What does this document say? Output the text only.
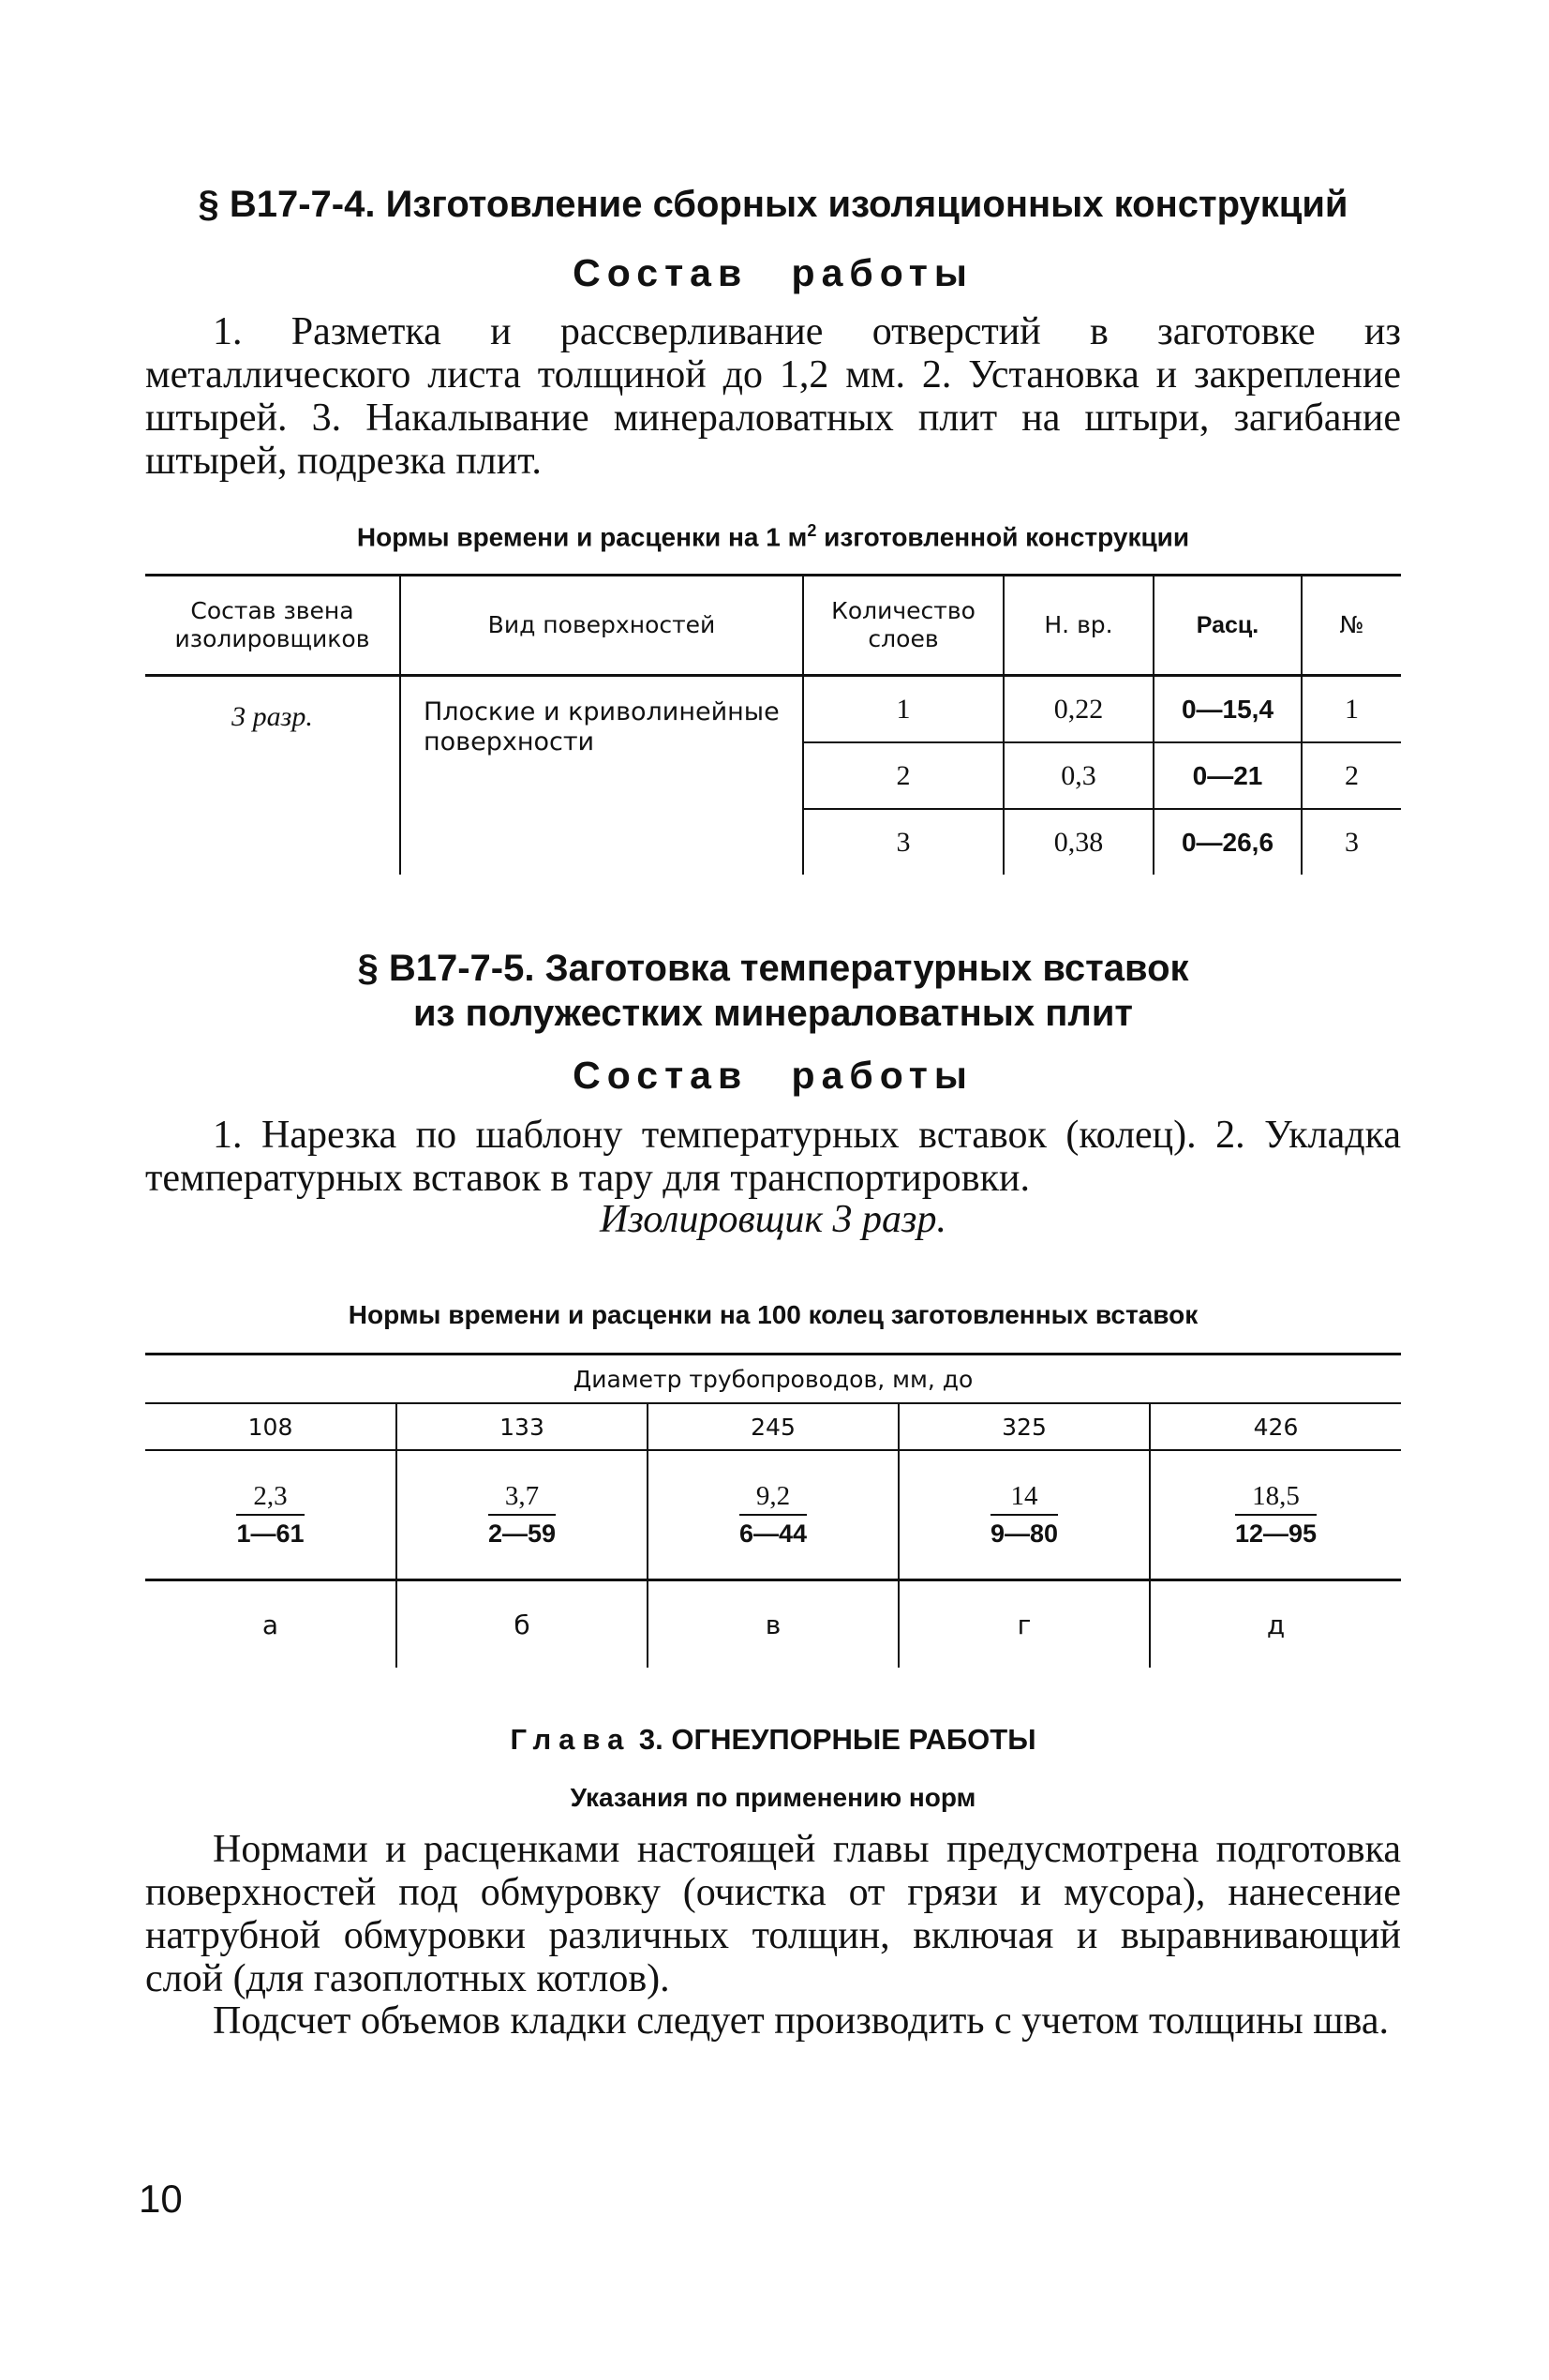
§ В17-7-4. Изготовление сборных изоляционных конструкций
Состав работы

1. Разметка и рассверливание отверстий в заготовке из металлического листа толщиной до 1,2 мм. 2. Установка и закрепление штырей. 3. Накалывание минераловатных плит на штыри, загибание штырей, подрезка плит.

Нормы времени и расценки на 1 $м^2$ изготовленной конструкции
Состав звена изолировщиков	Вид поверхностей	Количество слоев	Н. вр.	Расц.	№
3 разр.	Плоские и криволинейные поверхности	1	0,22	0—15,4	1
		2	0,3	0—21	2
		3	0,38	0—26,6	3
§ В17-7-5. Заготовка температурных вставок
из полужестких минераловатных плит
Состав работы

1. Нарезка по шаблону температурных вставок (колец). 2. Укладка температурных вставок в тару для транспортировки.

Изолировщик 3 разр.
Нормы времени и расценки на 100 колец заготовленных вставок
Диаметр трубопроводов, мм, до				
108	133	245	325	426

$\frac{2,3}{1—61}$	$\frac{3,7}{2—59}$	$\frac{9,2}{6—44}$	$\frac{14}{9—80}$	$\frac{18,5}{12—95}$

а	б	в	г	д
Глава 3. ОГНЕУПОРНЫЕ РАБОТЫ
Указания по применению норм

Нормами и расценками настоящей главы предусмотрена подготовка поверхностей под обмуровку (очистка от грязи и мусора), нанесение натрубной обмуровки различных толщин, включая и выравнивающий слой (для газоплотных котлов).

Подсчет объемов кладки следует производить с учетом толщины шва.

10
